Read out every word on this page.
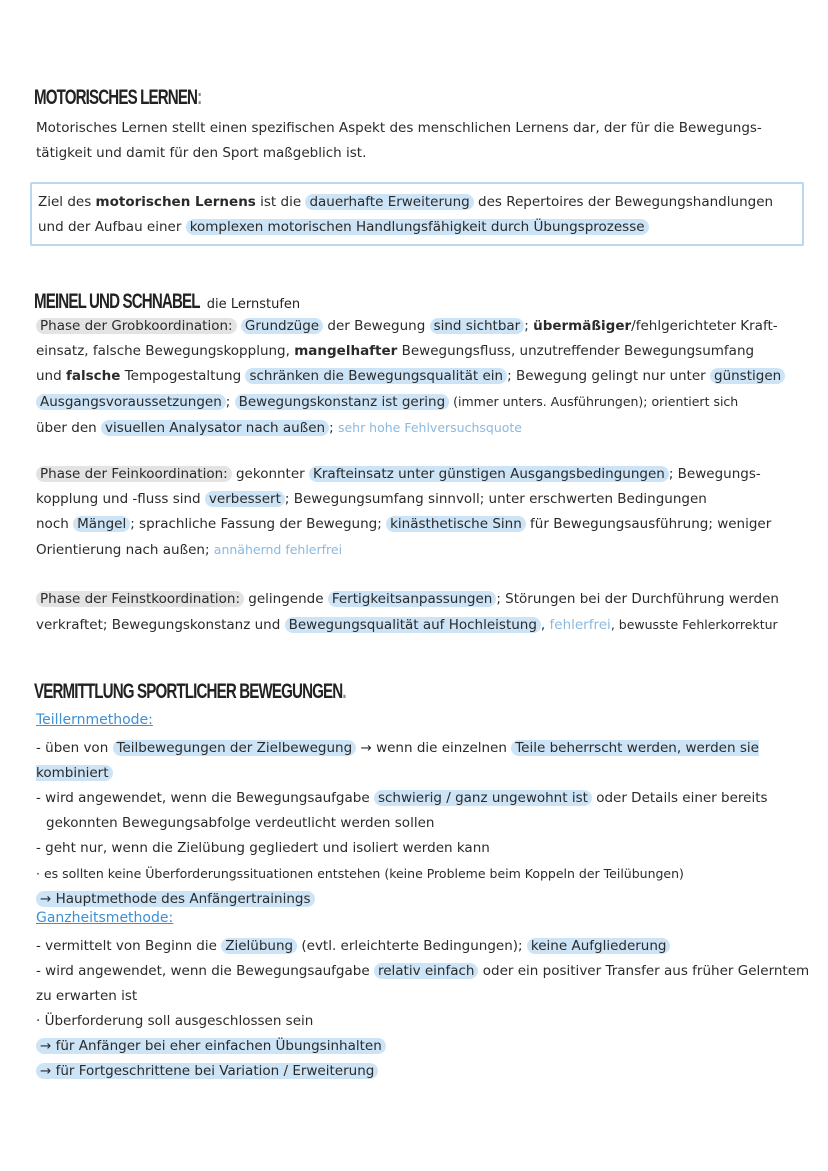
MOTORISCHES LERNEN:

Motorisches Lernen stellt einen spezifischen Aspekt des menschlichen Lernens dar, der für die Bewegungs-
tätigkeit und damit für den Sport maßgeblich ist.

Ziel des motorischen Lernens ist die dauerhafte Erweiterung des Repertoires der Bewegungshandlungen
und der Aufbau einer komplexen motorischen Handlungsfähigkeit durch Übungsprozesse

MEINEL UND SCHNABEL die Lernstufen

Phase der Grobkoordination: Grundzüge der Bewegung sind sichtbar ; übermäßiger/fehlgerichteter Kraft-
einsatz, falsche Bewegungskopplung, mangelhafter Bewegungsfluss, unzutreffender Bewegungsumfang
und falsche Tempogestaltung schränken die Bewegungsqualität ein ; Bewegung gelingt nur unter günstigen
Ausgangsvoraussetzungen ; Bewegungskonstanz ist gering (immer unters. Ausführungen); orientiert sich
über den visuellen Analysator nach außen ; sehr hohe Fehlversuchsquote

Phase der Feinkoordination: gekonnter Krafteinsatz unter günstigen Ausgangsbedingungen ; Bewegungs-
kopplung und -fluss sind verbessert ; Bewegungsumfang sinnvoll; unter erschwerten Bedingungen
noch Mängel ; sprachliche Fassung der Bewegung; kinästhetische Sinn für Bewegungsausführung; weniger
Orientierung nach außen; annähernd fehlerfrei

Phase der Feinstkoordination: gelingende Fertigkeitsanpassungen ; Störungen bei der Durchführung werden
verkraftet; Bewegungskonstanz und Bewegungsqualität auf Hochleistung , fehlerfrei, bewusste Fehlerkorrektur

VERMITTLUNG SPORTLICHER BEWEGUNGEN.
Teillernmethode:

- üben von Teilbewegungen der Zielbewegung → wenn die einzelnen Teile beherrscht werden, werden sie kombiniert
- wird angewendet, wenn die Bewegungsaufgabe schwierig / ganz ungewohnt ist oder Details einer bereits
gekonnten Bewegungsabfolge verdeutlicht werden sollen
- geht nur, wenn die Zielübung gegliedert und isoliert werden kann
· es sollten keine Überforderungssituationen entstehen (keine Probleme beim Koppeln der Teilübungen)
→ Hauptmethode des Anfängertrainings

Ganzheitsmethode:

- vermittelt von Beginn die Zielübung (evtl. erleichterte Bedingungen); keine Aufgliederung
- wird angewendet, wenn die Bewegungsaufgabe relativ einfach oder ein positiver Transfer aus früher Gelerntem
zu erwarten ist
· Überforderung soll ausgeschlossen sein
→ für Anfänger bei eher einfachen Übungsinhalten
→ für Fortgeschrittene bei Variation / Erweiterung
